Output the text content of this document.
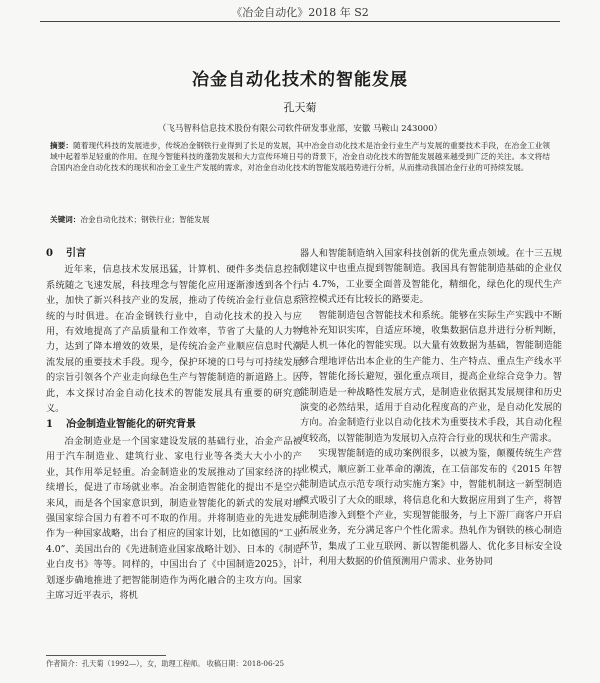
《冶金自动化》2018 年 S2
冶金自动化技术的智能发展
孔天菊
（飞马智科信息技术股份有限公司软件研发事业部，安徽 马鞍山 243000）
摘要：随着现代科技的发展进步，传统冶金钢铁行业得到了长足的发展，其中冶金自动化技术是冶金行业生产与发展的重要技术手段，在冶金工业领域中起着举足轻重的作用。在现今智能科技的蓬勃发展和大力宣传环境日号的背景下，冶金自动化技术的智能发展越来越受到广泛的关注。本文将结合国内冶金自动化技术的现状和冶金工业生产发展的需求，对冶金自动化技术的智能发展趋势进行分析，从而推动我国冶金行业的可持续发展。
关键词：冶金自动化技术；钢铁行业；智能发展
0 引言

近年来，信息技术发展迅猛，计算机、硬件多类信息控制系统随之飞速发展，科技理念与智能化应用逐渐渗透到各个行业，加快了新兴科技产业的发展，推动了传统冶金行业信息系统的与时俱进。在冶金钢铁行业中，自动化技术的投入与应用，有效地提高了产品质量和工作效率，节省了大量的人力物力，达到了降本增效的效果，是传统冶金产业顺应信息时代潮流发展的重要技术手段。现今，保护环境的口号与可持续发展的宗旨引领各个产业走向绿色生产与智能制造的新道路上。因此，本文探讨冶金自动化技术的智能发展具有重要的研究意义。

1 冶金制造业智能化的研究背景

冶金制造业是一个国家建设发展的基础行业，冶金产品被用于汽车制造业、建筑行业、家电行业等各类大大小小的产业，其作用举足轻重。冶金制造业的发展推动了国家经济的持续增长，促进了市场就业率。冶金制造智能化的提出不是空穴来风，而是各个国家意识到，制造业智能化的新式的发展对增强国家综合国力有着不可不取的作用。并将制造业的先进发展作为一种国家战略，出台了相应的国家计划，比如德国的“工业 4.0”、美国出台的《先进制造业国家战略计划》、日本的《制造业白皮书》等等。同样的，中国出台了《中国制造2025》，计划逐步确地推进了把智能制造作为两化融合的主攻方向。国家主席习近平表示，将机

器人和智能制造纳入国家科技创新的优先重点领域。在十三五规划建议中也重点提到智能制造。我国具有智能制造基础的企业仅占 4.7%，工业要全面普及智能化，精细化，绿色化的现代生产管控模式还有比较长的路要走。

智能制造包含智能技术和系统。能够在实际生产实践中不断地补充知识实库，自适应环境，收集数据信息并进行分析判断，是人机一体化的智能实现。以大量有效数据为基础，智能制造能够合理地评估出本企业的生产能力、生产特点、重点生产线水平等，智能化扬长避短，强化重点项目，提高企业综合竞争力。智能制造是一种战略性发展方式，是制造业依据其发展规律和历史演变的必然结果，适用于自动化程度高的产业，是自动化发展的方向。冶金制造行业以自动化技术为重要技术手段，其自动化程度较高，以智能制造为发展切入点符合行业的现状和生产需求。

实现智能制造的成功案例很多，以被为鉴，颠覆传统生产营业模式，顺应新工业革命的潮流，在工信部发布的《2015 年智能制造试点示范专项行动实施方案》中，智能机制这一新型制造模式吸引了大众的眼球，将信息化和大数据应用到了生产，将智能制造渗入到整个产业，实现智能服务，与上下游厂商客户开启拓展业务，充分满足客户个性化需求。热轧作为钢铁的核心制造环节，集成了工业互联网、新以智能机器人、优化多目标安全设计，利用大数据的价值预测用户需求、业务协同

作者简介：孔天菊（1992—），女，助理工程师。 收稿日期：2018-06-25
